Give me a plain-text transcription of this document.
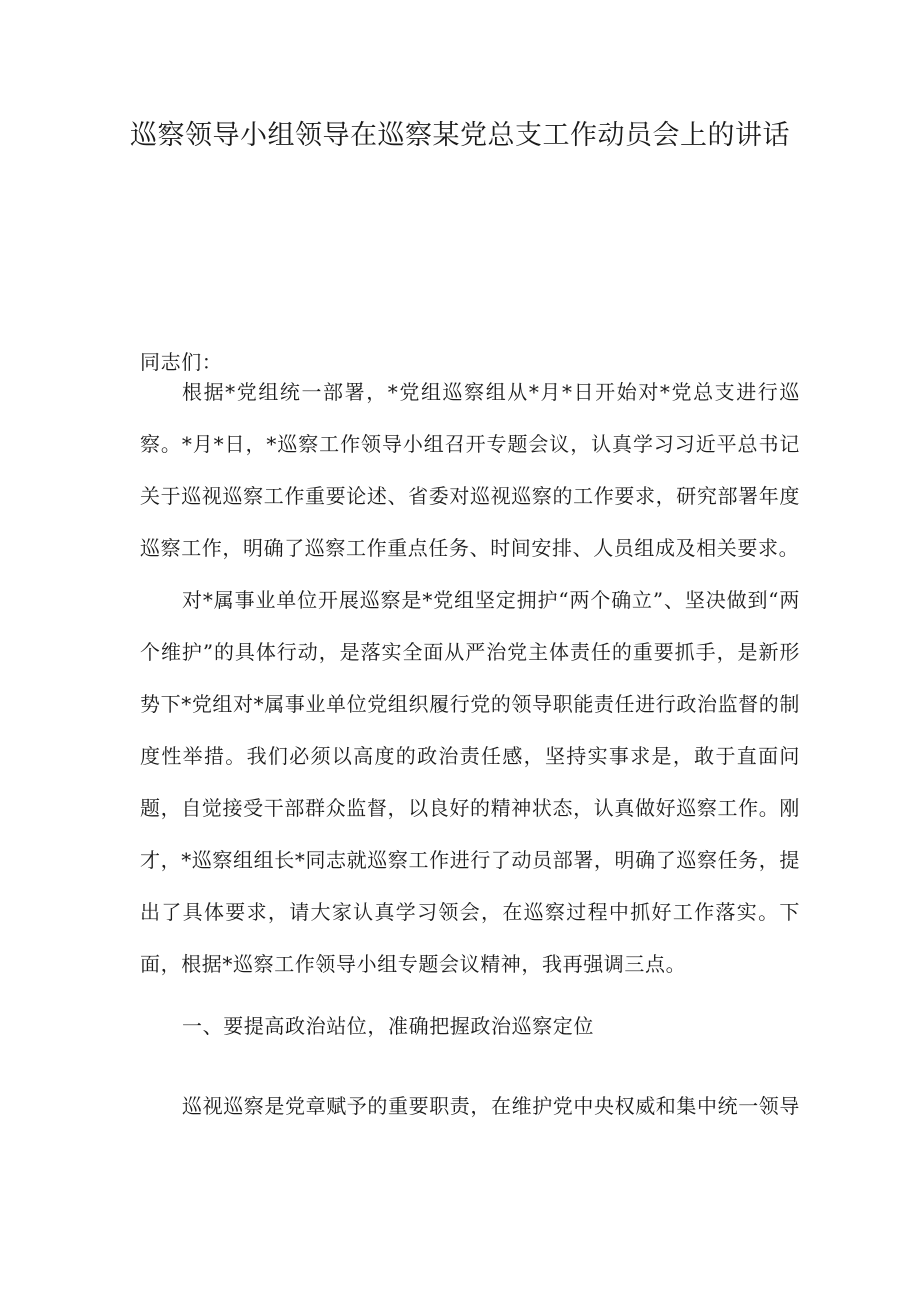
巡察领导小组领导在巡察某党总支工作动员会上的讲话

同志们：

根据*党组统一部署，*党组巡察组从*月*日开始对*党总支进行巡察。*月*日，*巡察工作领导小组召开专题会议，认真学习习近平总书记关于巡视巡察工作重要论述、省委对巡视巡察的工作要求，研究部署年度巡察工作，明确了巡察工作重点任务、时间安排、人员组成及相关要求。

对*属事业单位开展巡察是*党组坚定拥护“两个确立”、坚决做到“两个维护”的具体行动，是落实全面从严治党主体责任的重要抓手，是新形势下*党组对*属事业单位党组织履行党的领导职能责任进行政治监督的制度性举措。我们必须以高度的政治责任感，坚持实事求是，敢于直面问题，自觉接受干部群众监督，以良好的精神状态，认真做好巡察工作。刚才，*巡察组组长*同志就巡察工作进行了动员部署，明确了巡察任务，提出了具体要求，请大家认真学习领会，在巡察过程中抓好工作落实。下面，根据*巡察工作领导小组专题会议精神，我再强调三点。

一、要提高政治站位，准确把握政治巡察定位

巡视巡察是党章赋予的重要职责，在维护党中央权威和集中统一领导
